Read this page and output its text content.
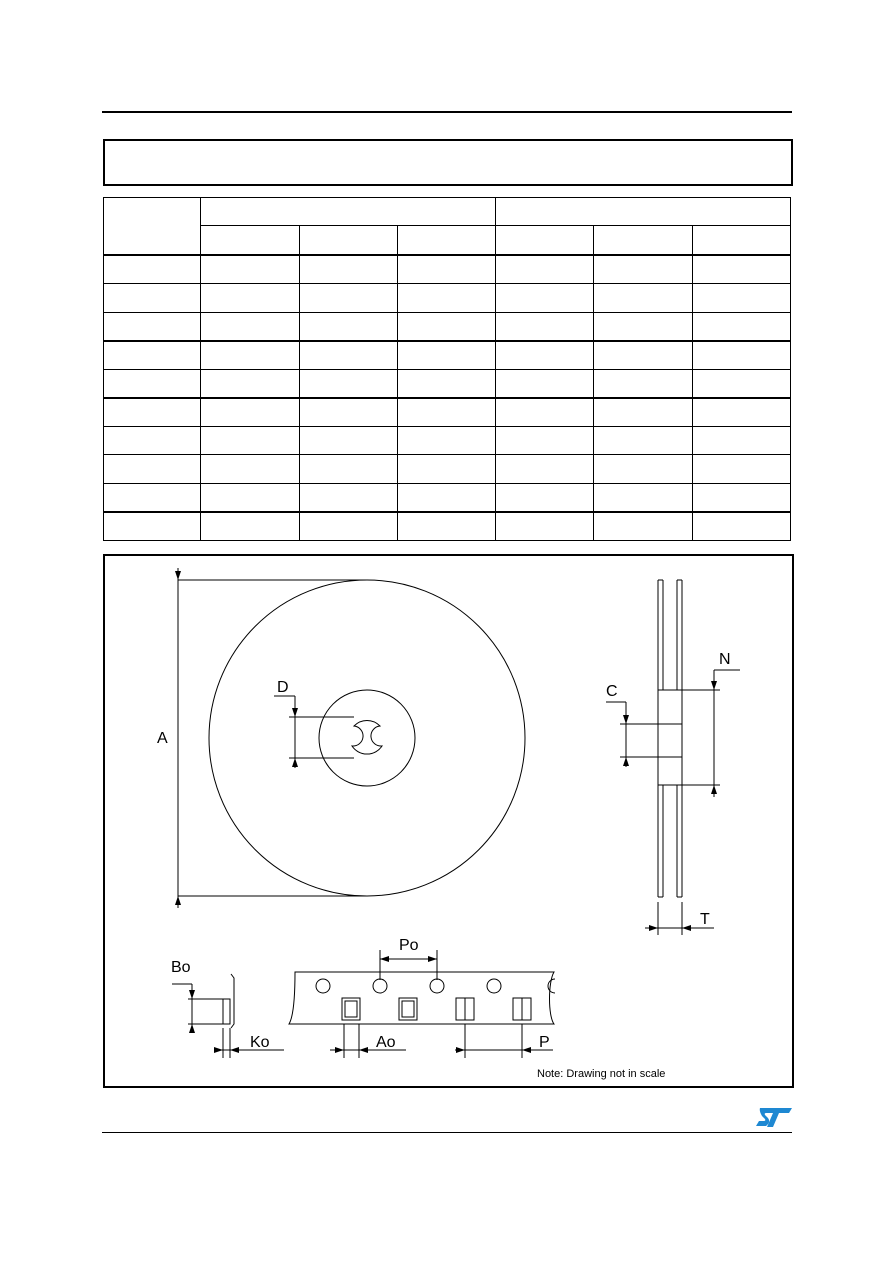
A
D	C
N
T
Bo
Ko
Po
Ao	P
Note: Drawing not in scale
